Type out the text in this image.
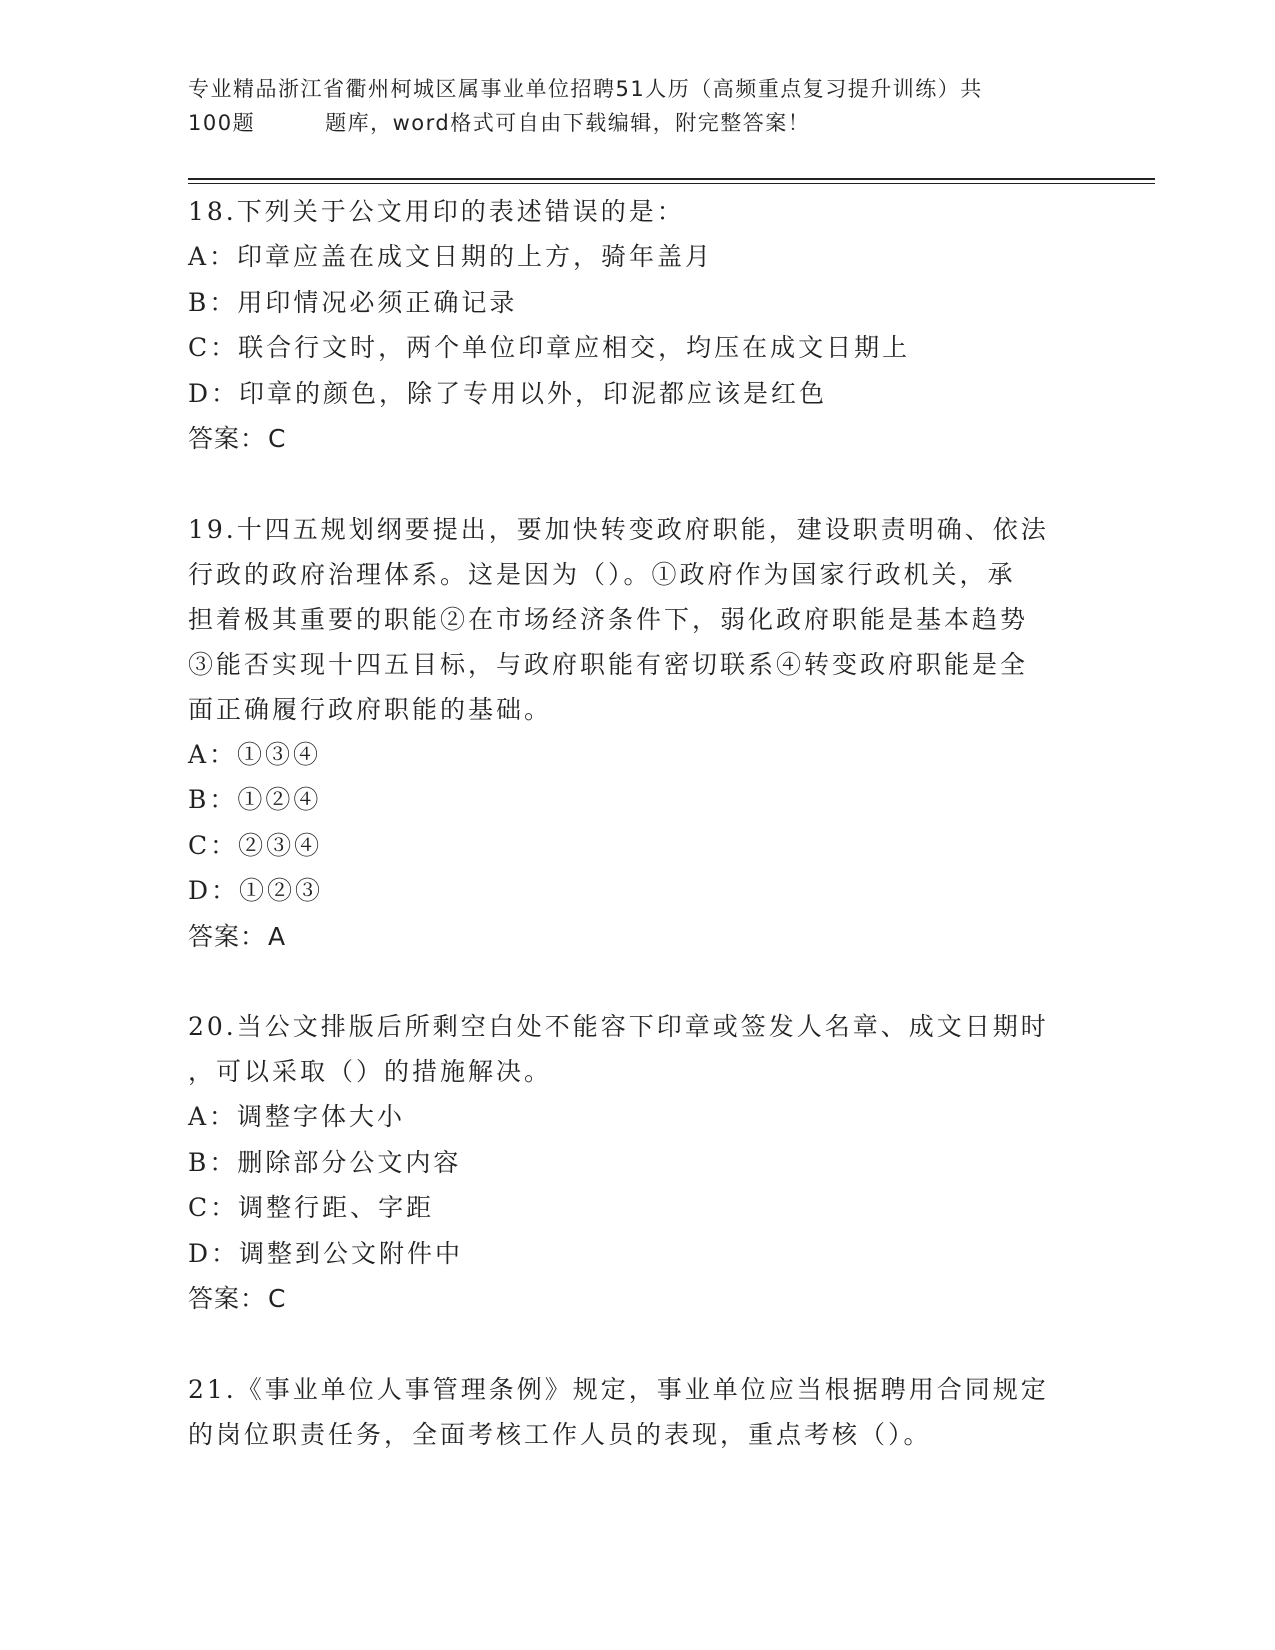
专业精品浙江省衢州柯城区属事业单位招聘51人历（高频重点复习提升训练）共
100题	题库，word格式可自由下载编辑，附完整答案！
18.下列关于公文用印的表述错误的是：
A：印章应盖在成文日期的上方，骑年盖月
B：用印情况必须正确记录
C：联合行文时，两个单位印章应相交，均压在成文日期上
D：印章的颜色，除了专用以外，印泥都应该是红色
答案：C
19.十四五规划纲要提出，要加快转变政府职能，建设职责明确、依法
行政的政府治理体系。这是因为（）。①政府作为国家行政机关，承
担着极其重要的职能②在市场经济条件下，弱化政府职能是基本趋势
③能否实现十四五目标，与政府职能有密切联系④转变政府职能是全
面正确履行政府职能的基础。
A：①③④
B：①②④
C：②③④
D：①②③
答案：A
20.当公文排版后所剩空白处不能容下印章或签发人名章、成文日期时
，可以采取（）的措施解决。
A：调整字体大小
B：删除部分公文内容
C：调整行距、字距
D：调整到公文附件中
答案：C
21.《事业单位人事管理条例》规定，事业单位应当根据聘用合同规定
的岗位职责任务，全面考核工作人员的表现，重点考核（）。
